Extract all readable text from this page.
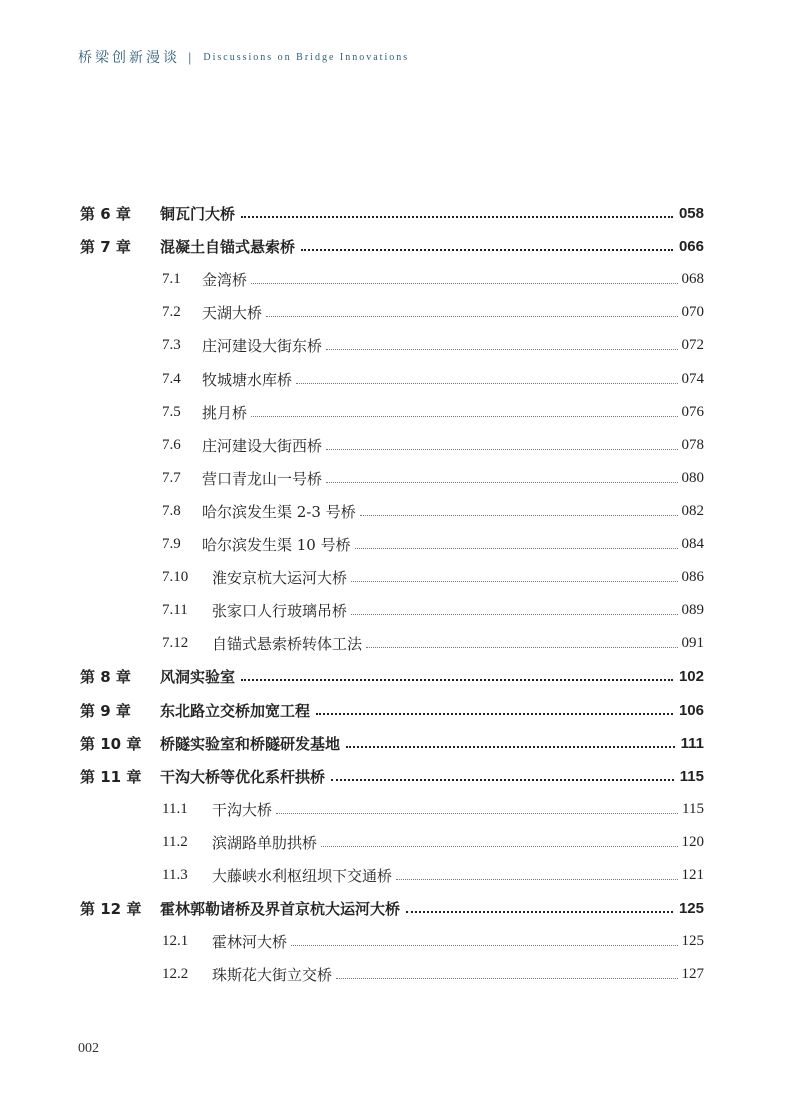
桥梁创新漫谈 | Discussions on Bridge Innovations
第 6 章	铜瓦门大桥	058
第 7 章	混凝土自锚式悬索桥	066
7.1	金湾桥	068
7.2	天湖大桥	070
7.3	庄河建设大街东桥	072
7.4	牧城塘水库桥	074
7.5	挑月桥	076
7.6	庄河建设大街西桥	078
7.7	营口青龙山一号桥	080
7.8	哈尔滨发生渠 2-3 号桥	082
7.9	哈尔滨发生渠 10 号桥	084
7.10	淮安京杭大运河大桥	086
7.11	张家口人行玻璃吊桥	089
7.12	自锚式悬索桥转体工法	091
第 8 章	风洞实验室	102
第 9 章	东北路立交桥加宽工程	106
第 10 章	桥隧实验室和桥隧研发基地	111
第 11 章	干沟大桥等优化系杆拱桥	115
11.1	干沟大桥	115
11.2	滨湖路单肋拱桥	120
11.3	大藤峡水利枢纽坝下交通桥	121
第 12 章	霍林郭勒诸桥及界首京杭大运河大桥	125
12.1	霍林河大桥	125
12.2	珠斯花大街立交桥	127
002
